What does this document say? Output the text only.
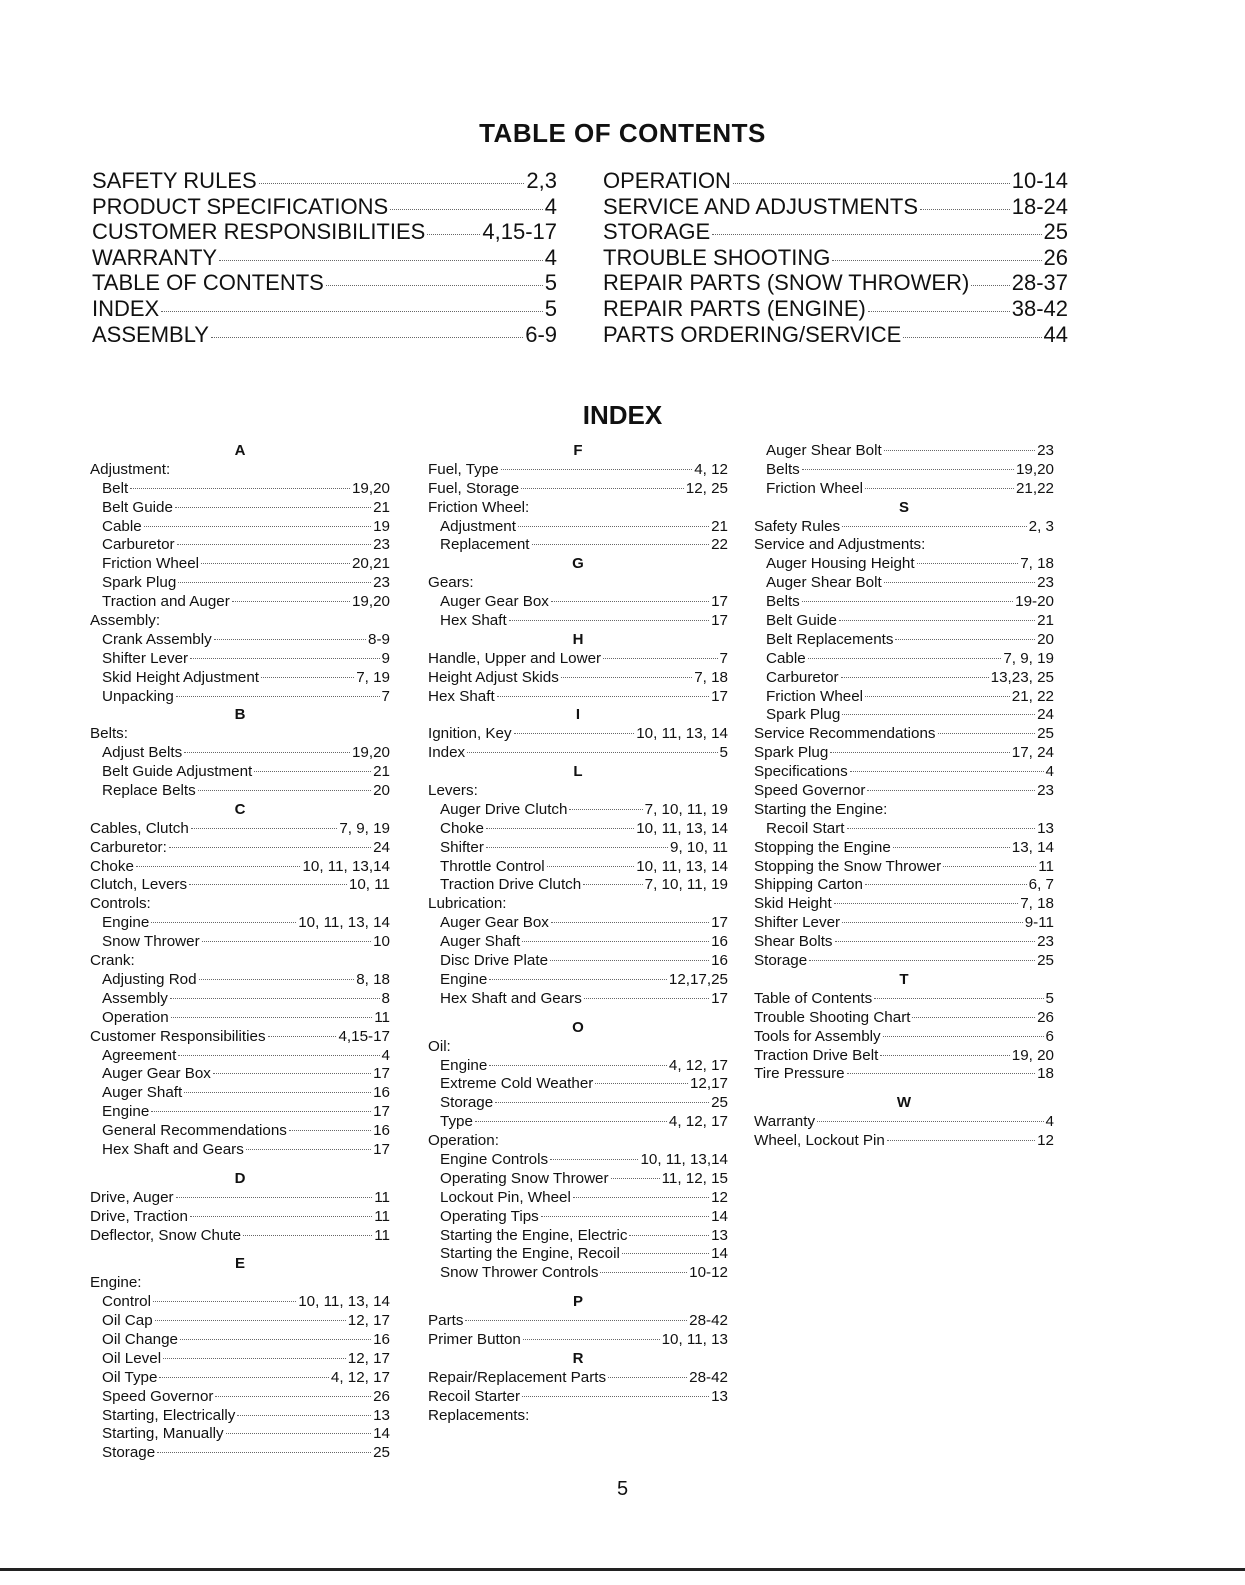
TABLE OF CONTENTS
SAFETY RULES	2,3
PRODUCT SPECIFICATIONS	4
CUSTOMER RESPONSIBILITIES	4,15-17
WARRANTY	4
TABLE OF CONTENTS	5
INDEX	5
ASSEMBLY	6-9
OPERATION	10-14
SERVICE AND ADJUSTMENTS	18-24
STORAGE	25
TROUBLE SHOOTING	26
REPAIR PARTS (SNOW THROWER) 28-37
REPAIR PARTS (ENGINE)	38-42
PARTS ORDERING/SERVICE	44
INDEX
A
Adjustment:
Belt	19,20
Belt Guide	21
Cable	19
Carburetor	23
Friction Wheel	20,21
Spark Plug	23
Traction and Auger	19,20
Assembly:
Crank Assembly	8-9
Shifter Lever	9
Skid Height Adjustment	7, 19
Unpacking	7
B
Belts:
Adjust Belts	19,20
Belt Guide Adjustment	21
Replace Belts	20
C
Cables, Clutch	7, 9, 19
Carburetor:	24
Choke	10, 11, 13,14
Clutch, Levers	10, 11
Controls:
Engine	10, 11, 13, 14
Snow Thrower	10
Crank:
Adjusting Rod	8, 18
Assembly	8
Operation	11
Customer Responsibilities	4,15-17
Agreement	4
Auger Gear Box	17
Auger Shaft	16
Engine	17
General Recommendations	16
Hex Shaft and Gears	17
D
Drive, Auger	11
Drive, Traction	11
Deflector, Snow Chute	11
E
Engine:
Control	10, 11, 13, 14
Oil Cap	12, 17
Oil Change	16
Oil Level	12, 17
Oil Type	4, 12, 17
Speed Governor	26
Starting, Electrically	13
Starting, Manually	14
Storage	25
F
Fuel, Type	4, 12
Fuel, Storage	12, 25
Friction Wheel:
Adjustment	21
Replacement	22
G
Gears:
Auger Gear Box	17
Hex Shaft	17
H
Handle, Upper and Lower	7
Height Adjust Skids	7, 18
Hex Shaft	17
I
Ignition, Key	10, 11, 13, 14
Index	5
L
Levers:
Auger Drive Clutch	7, 10, 11, 19
Choke	10, 11, 13, 14
Shifter	9, 10, 11
Throttle Control	10, 11, 13, 14
Traction Drive Clutch	7, 10, 11, 19
Lubrication:
Auger Gear Box	17
Auger Shaft	16
Disc Drive Plate	16
Engine	12,17,25
Hex Shaft and Gears	17
O
Oil:
Engine	4, 12, 17
Extreme Cold Weather	12,17
Storage	25
Type	4, 12, 17
Operation:
Engine Controls	10, 11, 13,14
Operating Snow Thrower	11, 12, 15
Lockout Pin, Wheel	12
Operating Tips	14
Starting the Engine, Electric	13
Starting the Engine, Recoil	14
Snow Thrower Controls	10-12
P
Parts	28-42
Primer Button	10, 11, 13
R
Repair/Replacement Parts	28-42
Recoil Starter	13
Replacements:
Auger Shear Bolt	23
Belts	19,20
Friction Wheel	21,22
S
Safety Rules	2, 3
Service and Adjustments:
Auger Housing Height	7, 18
Auger Shear Bolt	23
Belts	19-20
Belt Guide	21
Belt Replacements	20
Cable	7, 9, 19
Carburetor	13,23, 25
Friction Wheel	21, 22
Spark Plug	24
Service Recommendations	25
Spark Plug	17, 24
Specifications	4
Speed Governor	23
Starting the Engine:
Recoil Start	13
Stopping the Engine	13, 14
Stopping the Snow Thrower	11
Shipping Carton	6, 7
Skid Height	7, 18
Shifter Lever	9-11
Shear Bolts	23
Storage	25
T
Table of Contents	5
Trouble Shooting Chart	26
Tools for Assembly	6
Traction Drive Belt	19, 20
Tire Pressure	18
W
Warranty	4
Wheel, Lockout Pin	12
5
